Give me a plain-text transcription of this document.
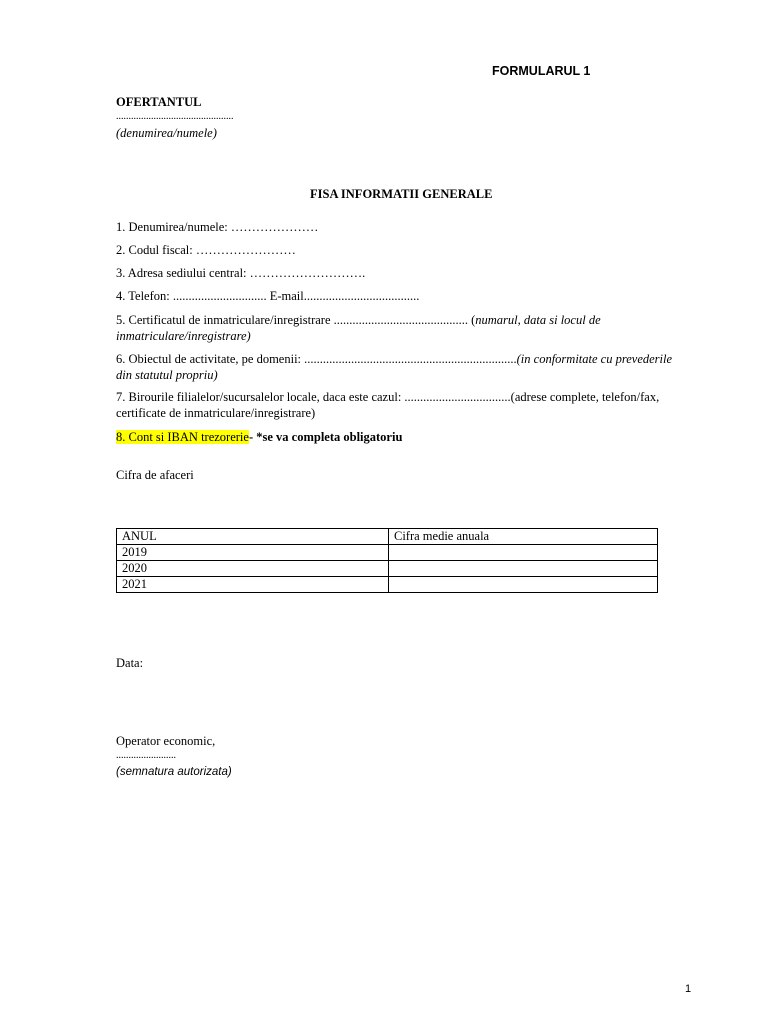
FORMULARUL 1
OFERTANTUL
...............................................
(denumirea/numele)
FISA INFORMATII GENERALE
1. Denumirea/numele: …………………
2. Codul fiscal: ……………………
3. Adresa sediului central: ……………………….
4. Telefon: .............................. E-mail.....................................
5. Certificatul de inmatriculare/inregistrare ........................................... (numarul, data si locul de
inmatriculare/inregistrare)
6. Obiectul de activitate, pe domenii: ....................................................................(in conformitate cu prevederile
din statutul propriu)
7. Birourile filialelor/sucursalelor locale, daca este cazul: ..................................(adrese complete, telefon/fax,
certificate de inmatriculare/inregistrare)
8. Cont si IBAN trezorerie- *se va completa obligatoriu
Cifra de afaceri
ANUL	Cifra medie anuala
2019	
2020	
2021	
Data:
Operator economic,
........................
(semnatura autorizata)
1
